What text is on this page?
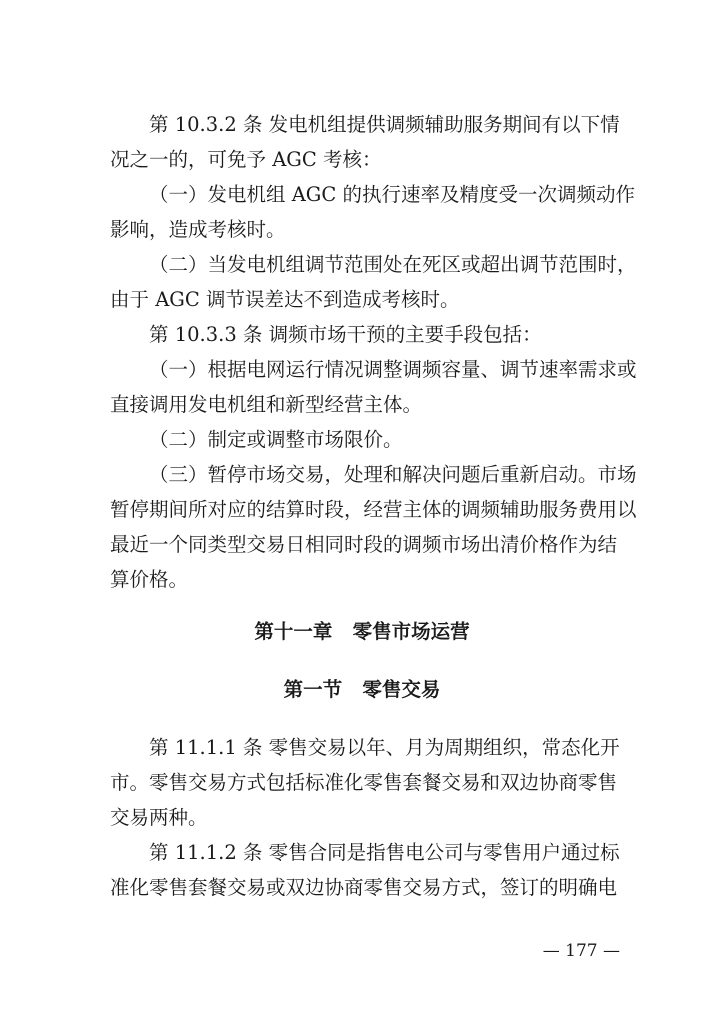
第 10.3.2 条 发电机组提供调频辅助服务期间有以下情
况之一的，可免予 AGC 考核：
（一）发电机组 AGC 的执行速率及精度受一次调频动作
影响，造成考核时。
（二）当发电机组调节范围处在死区或超出调节范围时，
由于 AGC 调节误差达不到造成考核时。
第 10.3.3 条 调频市场干预的主要手段包括：
（一）根据电网运行情况调整调频容量、调节速率需求或
直接调用发电机组和新型经营主体。
（二）制定或调整市场限价。
（三）暂停市场交易，处理和解决问题后重新启动。市场
暂停期间所对应的结算时段，经营主体的调频辅助服务费用以
最近一个同类型交易日相同时段的调频市场出清价格作为结
算价格。
第十一章   零售市场运营
第一节   零售交易
第 11.1.1 条 零售交易以年、月为周期组织，常态化开
市。零售交易方式包括标准化零售套餐交易和双边协商零售
交易两种。
第 11.1.2 条 零售合同是指售电公司与零售用户通过标
准化零售套餐交易或双边协商零售交易方式，签订的明确电
— 177 —
